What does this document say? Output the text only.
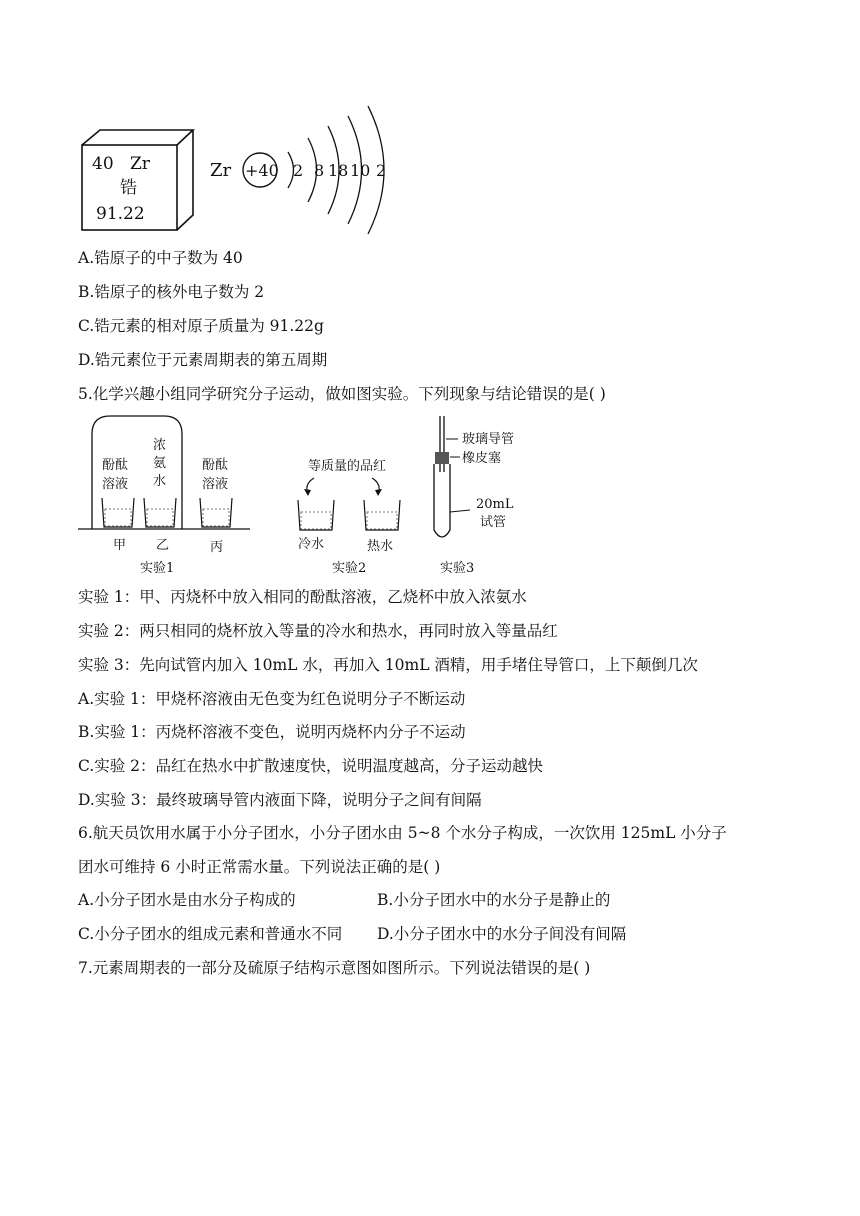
40 Zr
锆
91.22
Zr +40 2 8 18 10 2
A.锆原子的中子数为 40
B.锆原子的核外电子数为 2
C.锆元素的相对原子质量为 91.22g
D.锆元素位于元素周期表的第五周期
5.化学兴趣小组同学研究分子运动，做如图实验。下列现象与结论错误的是( )
酚酞
溶液
浓
氨
水
酚酞
溶液
甲 乙	丙
实验1
等质量的品红
冷水	热水
实验2
玻璃导管
橡皮塞
20mL
试管
实验3
实验 1：甲、丙烧杯中放入相同的酚酞溶液，乙烧杯中放入浓氨水
实验 2：两只相同的烧杯放入等量的冷水和热水，再同时放入等量品红
实验 3：先向试管内加入 10mL 水，再加入 10mL 酒精，用手堵住导管口，上下颠倒几次
A.实验 1：甲烧杯溶液由无色变为红色说明分子不断运动
B.实验 1：丙烧杯溶液不变色，说明丙烧杯内分子不运动
C.实验 2：品红在热水中扩散速度快，说明温度越高，分子运动越快
D.实验 3：最终玻璃导管内液面下降，说明分子之间有间隔
6.航天员饮用水属于小分子团水，小分子团水由 5~8 个水分子构成，一次饮用 125mL 小分子
团水可维持 6 小时正常需水量。下列说法正确的是( )
A.小分子团水是由水分子构成的	B.小分子团水中的水分子是静止的
C.小分子团水的组成元素和普通水不同 D.小分子团水中的水分子间没有间隔
7.元素周期表的一部分及硫原子结构示意图如图所示。下列说法错误的是( )
